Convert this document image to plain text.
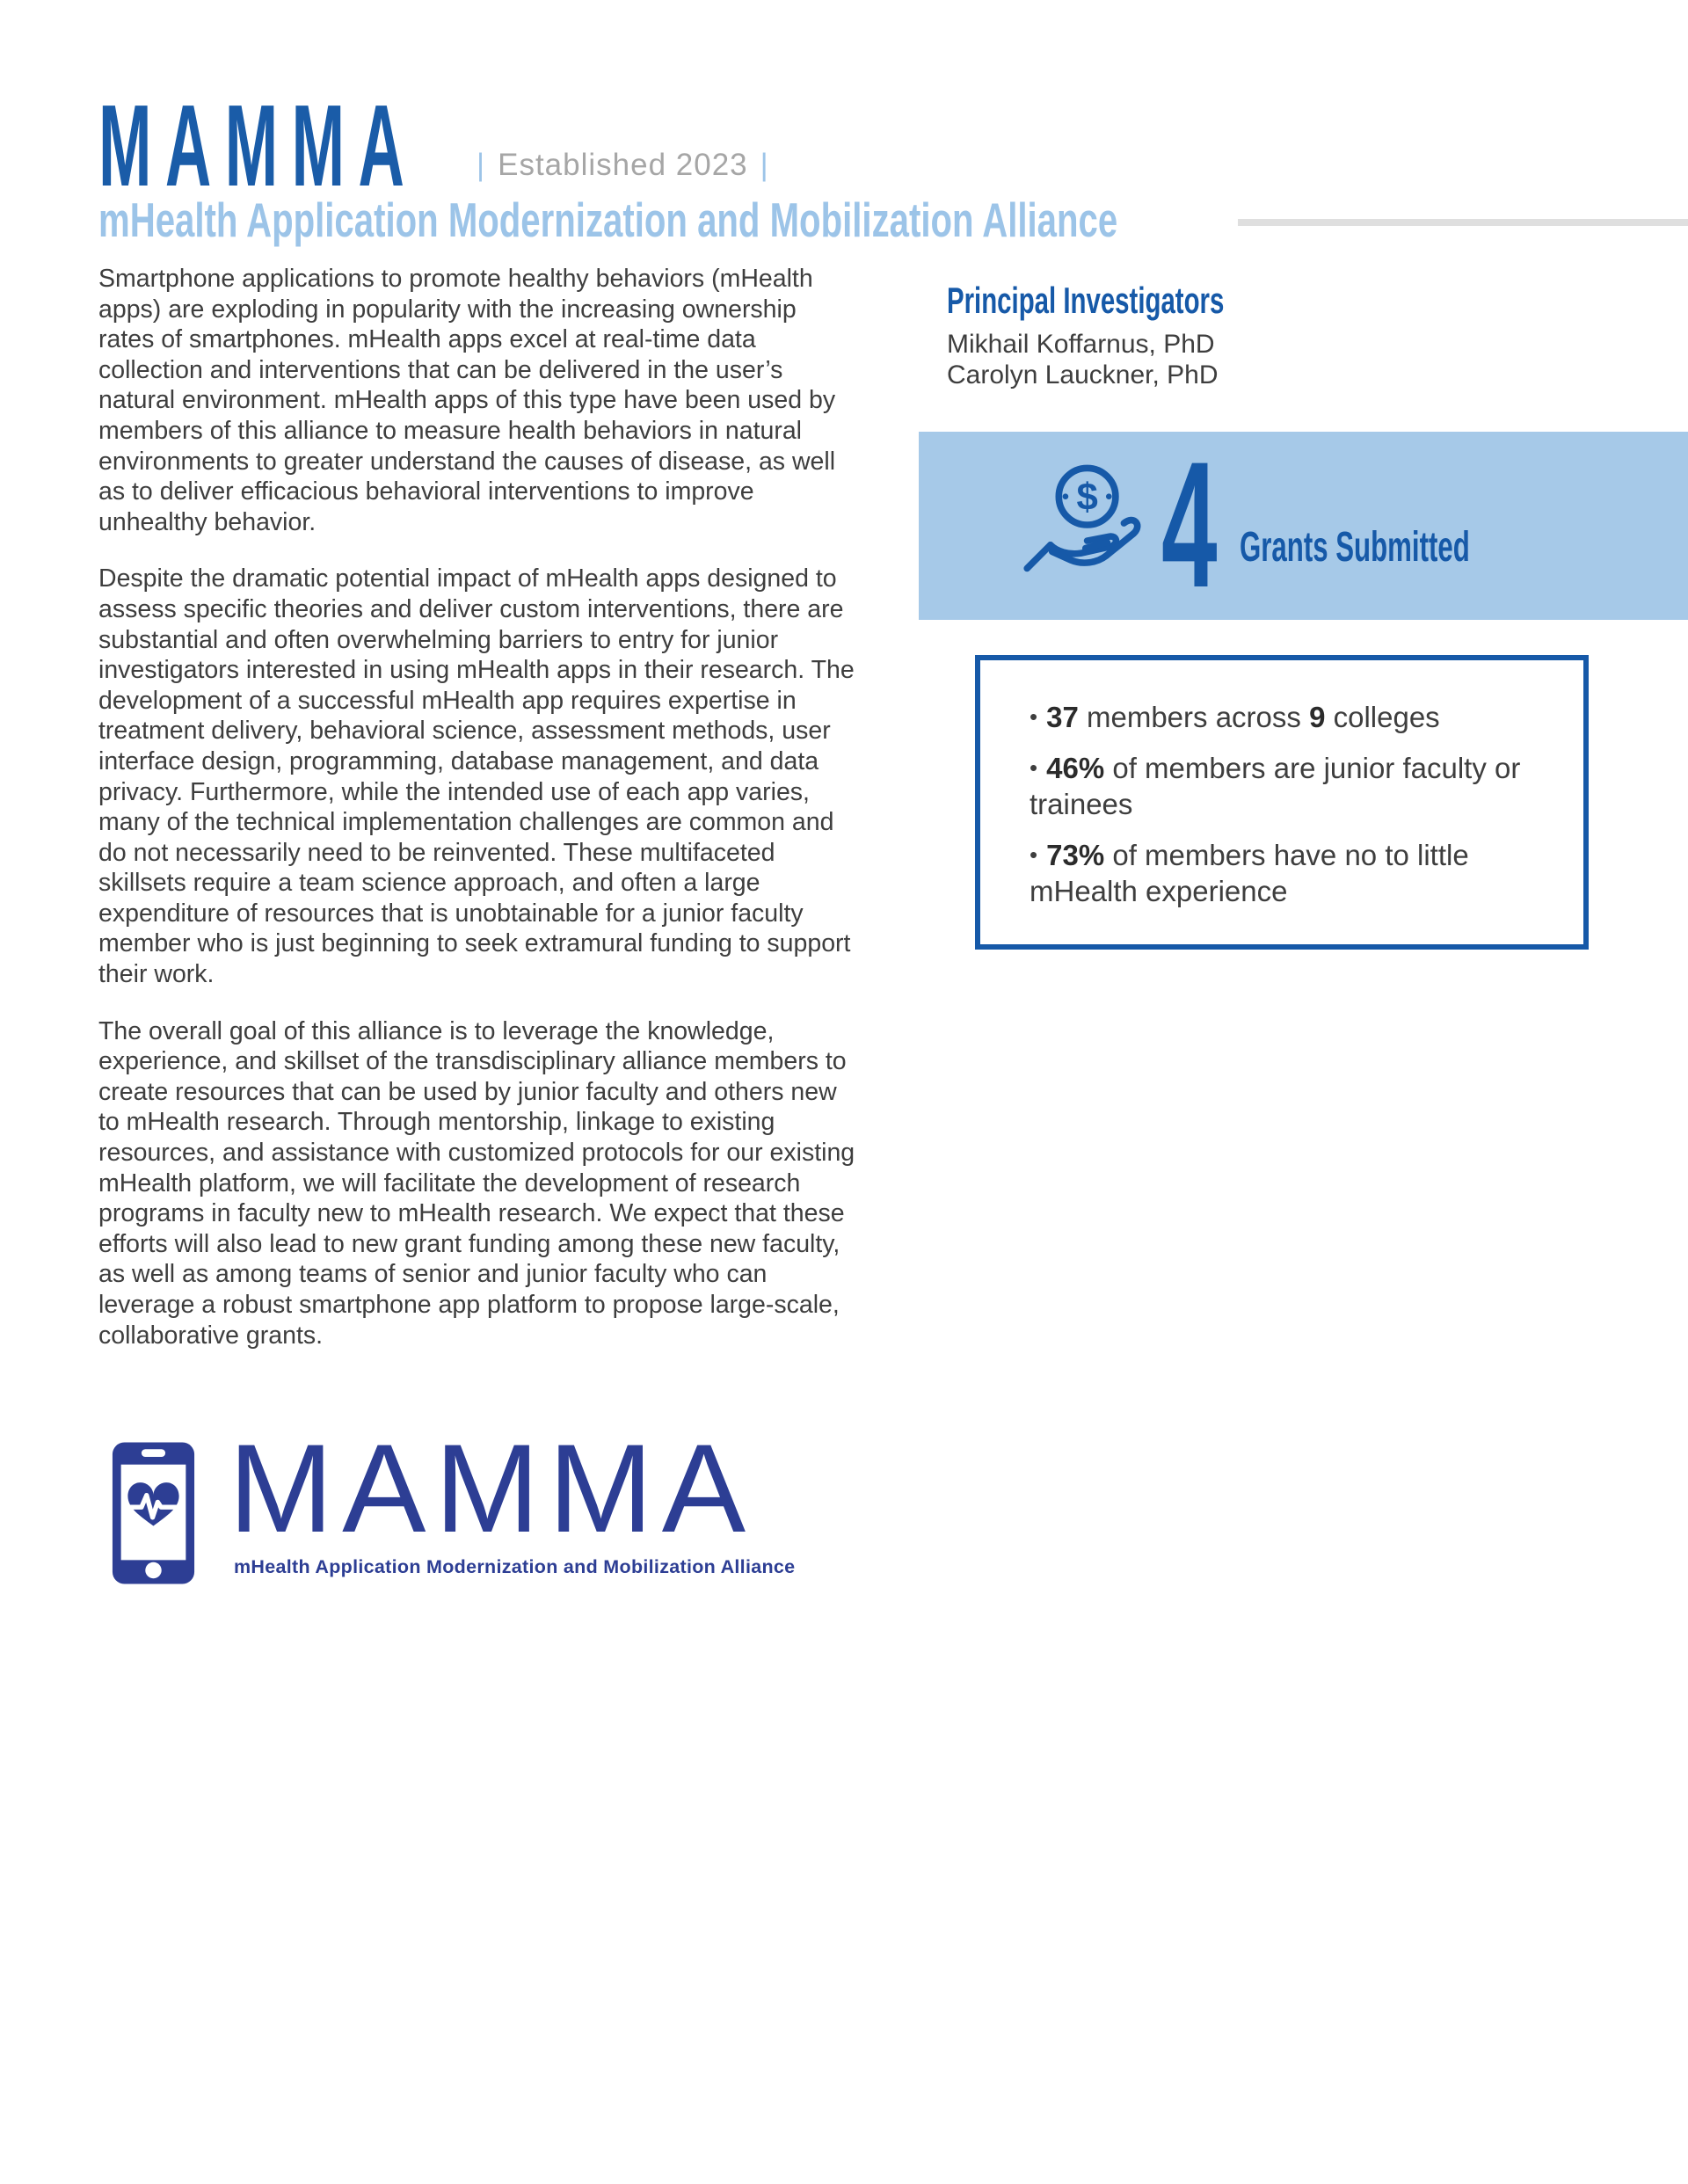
MAMMA	| Established 2023 |
mHealth Application Modernization and Mobilization Alliance

Smartphone applications to promote healthy behaviors (mHealth apps) are exploding in popularity with the increasing ownership rates of smartphones. mHealth apps excel at real-time data collection and interventions that can be delivered in the user’s natural environment. mHealth apps of this type have been used by members of this alliance to measure health behaviors in natural environments to greater understand the causes of disease, as well as to deliver efficacious behavioral interventions to improve unhealthy behavior.

Despite the dramatic potential impact of mHealth apps designed to assess specific theories and deliver custom interventions, there are substantial and often overwhelming barriers to entry for junior investigators interested in using mHealth apps in their research. The development of a successful mHealth app requires expertise in treatment delivery, behavioral science, assessment methods, user interface design, programming, database management, and data privacy. Furthermore, while the intended use of each app varies, many of the technical implementation challenges are common and do not necessarily need to be reinvented. These multifaceted skillsets require a team science approach, and often a large expenditure of resources that is unobtainable for a junior faculty member who is just beginning to seek extramural funding to support their work.

The overall goal of this alliance is to leverage the knowledge, experience, and skillset of the transdisciplinary alliance members to create resources that can be used by junior faculty and others new to mHealth research. Through mentorship, linkage to existing resources, and assistance with customized protocols for our existing mHealth platform, we will facilitate the development of research programs in faculty new to mHealth research. We expect that these efforts will also lead to new grant funding among these new faculty, as well as among teams of senior and junior faculty who can leverage a robust smartphone app platform to propose large-scale, collaborative grants.

Principal Investigators

Mikhail Koffarnus, PhD

Carolyn Lauckner, PhD

$ 4 Grants Submitted
• 37 members across 9 colleges
• 46% of members are junior faculty or trainees
• 73% of members have no to little mHealth experience
MAMMA
mHealth Application Modernization and Mobilization Alliance
